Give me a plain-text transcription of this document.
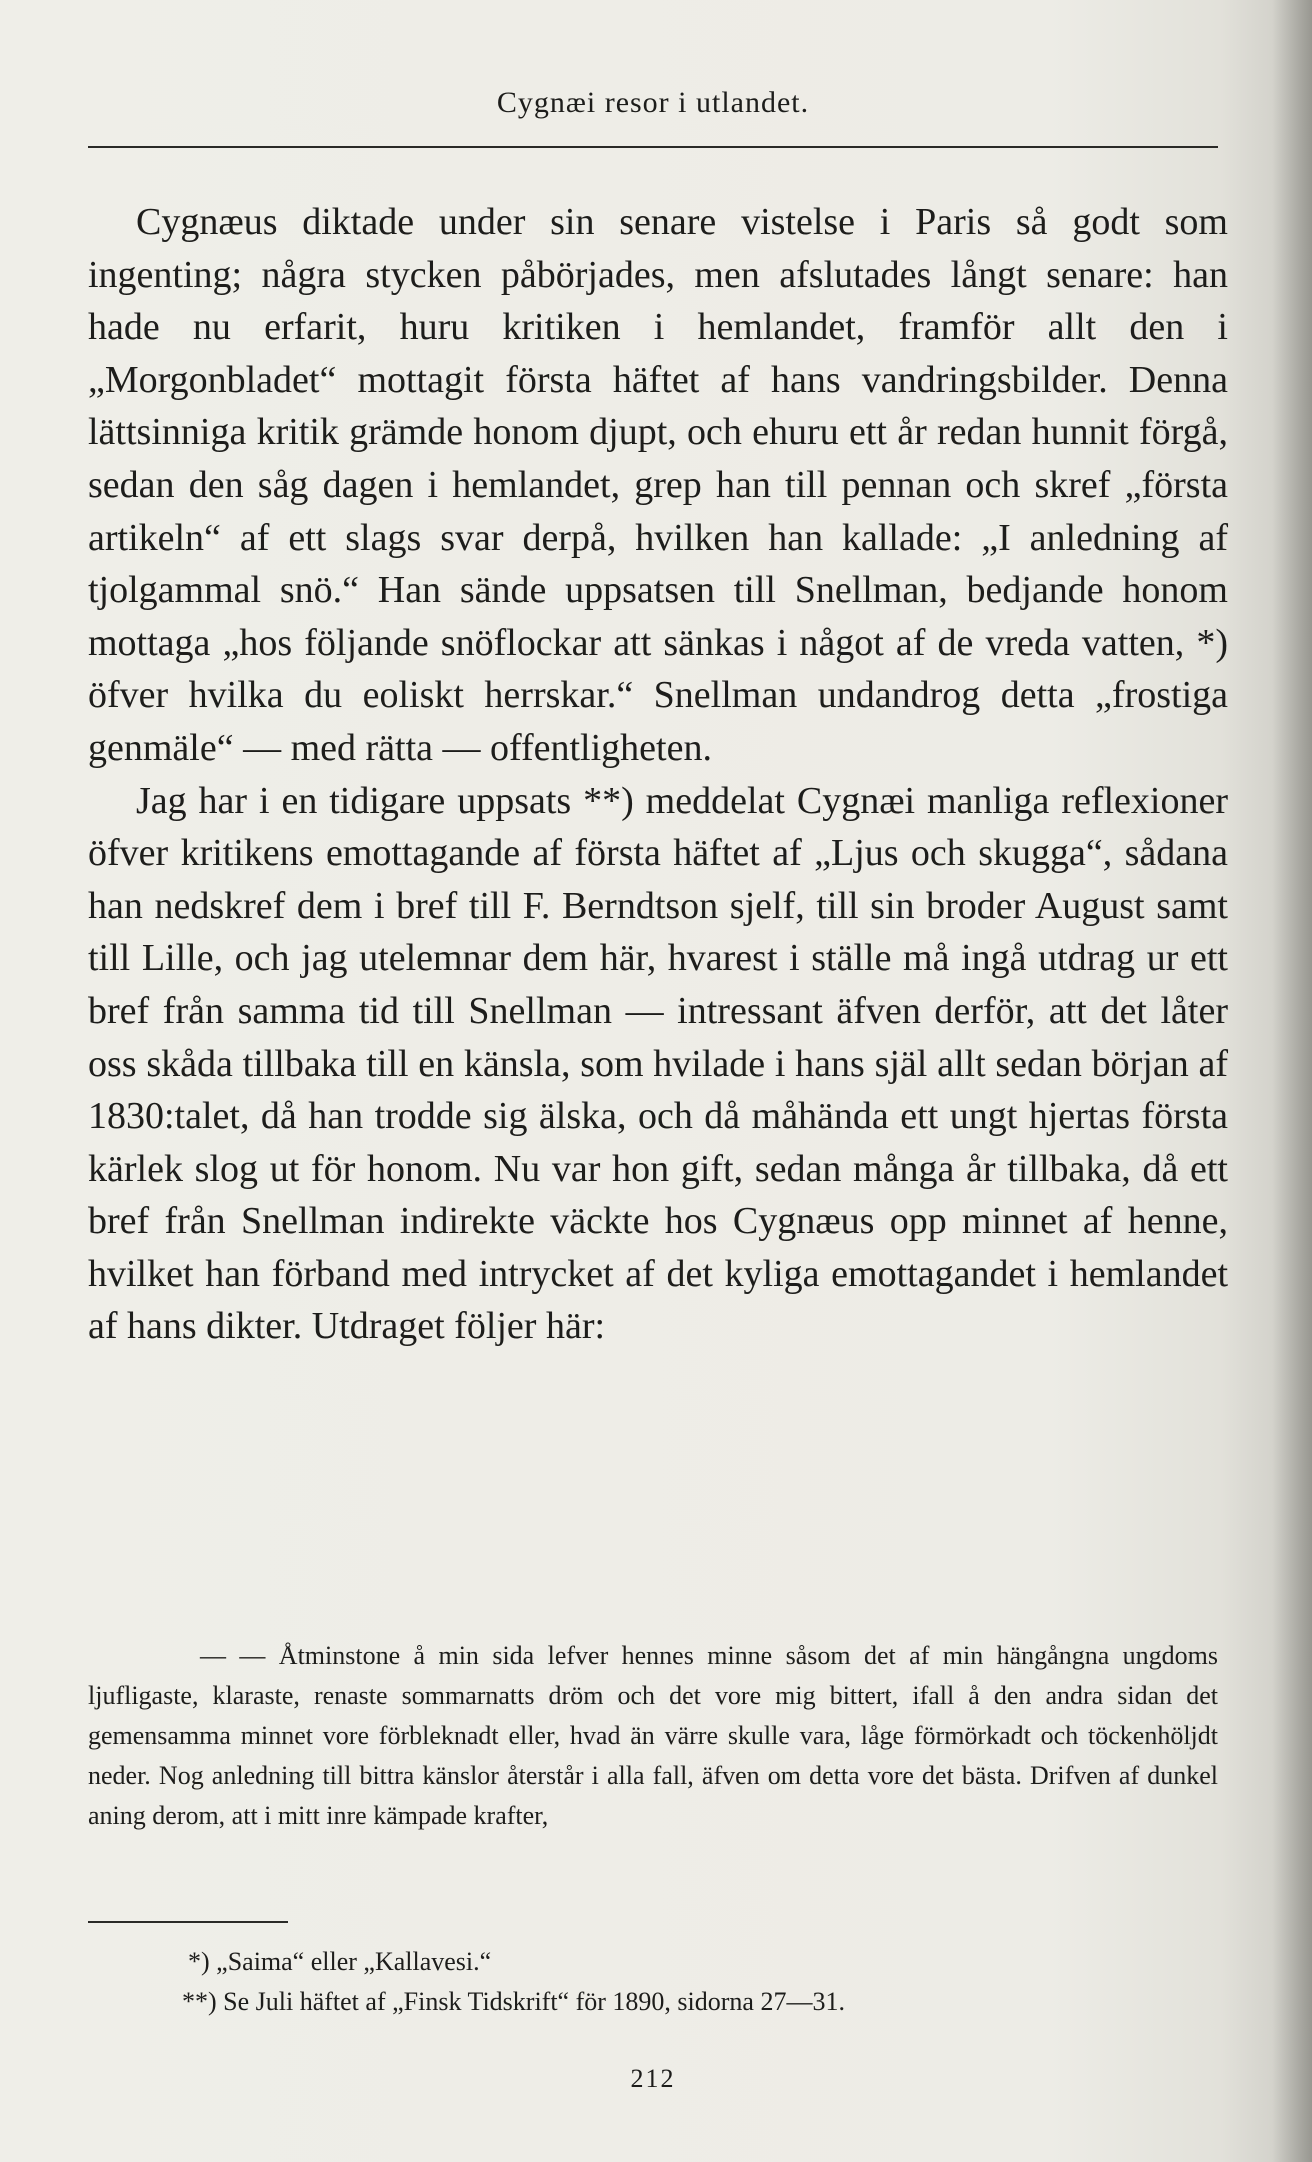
Cygnæi resor i utlandet.

Cygnæus diktade under sin senare vistelse i Paris så godt som ingenting; några stycken påbörjades, men afslutades långt senare: han hade nu erfarit, huru kritiken i hemlandet, framför allt den i „Morgonbladet“ mottagit första häftet af hans vandringsbilder. Denna lättsinniga kritik grämde honom djupt, och ehuru ett år redan hunnit förgå, sedan den såg dagen i hemlandet, grep han till pennan och skref „första artikeln“ af ett slags svar derpå, hvilken han kallade: „I anledning af tjolgammal snö.“ Han sände uppsatsen till Snellman, bedjande honom mottaga „hos följande snöflockar att sänkas i något af de vreda vatten, *) öfver hvilka du eoliskt herrskar.“ Snellman undandrog detta „frostiga genmäle“ — med rätta — offentligheten.

Jag har i en tidigare uppsats **) meddelat Cygnæi manliga reflexioner öfver kritikens emottagande af första häftet af „Ljus och skugga“, sådana han nedskref dem i bref till F. Berndtson sjelf, till sin broder August samt till Lille, och jag utelemnar dem här, hvarest i ställe må ingå utdrag ur ett bref från samma tid till Snellman — intressant äfven derför, att det låter oss skåda tillbaka till en känsla, som hvilade i hans själ allt sedan början af 1830:talet, då han trodde sig älska, och då måhända ett ungt hjertas första kärlek slog ut för honom. Nu var hon gift, sedan många år tillbaka, då ett bref från Snellman indirekte väckte hos Cygnæus opp minnet af henne, hvilket han förband med intrycket af det kyliga emottagandet i hemlandet af hans dikter. Utdraget följer här:

— — Åtminstone å min sida lefver hennes minne såsom det af min hängångna ungdoms ljufligaste, klaraste, renaste sommarnatts dröm och det vore mig bittert, ifall å den andra sidan det gemensamma minnet vore förbleknadt eller, hvad än värre skulle vara, låge förmörkadt och töckenhöljdt neder. Nog anledning till bittra känslor återstår i alla fall, äfven om detta vore det bästa. Drifven af dunkel aning derom, att i mitt inre kämpade krafter,

*) „Saima“ eller „Kallavesi.“
**) Se Juli häftet af „Finsk Tidskrift“ för 1890, sidorna 27—31.
212
